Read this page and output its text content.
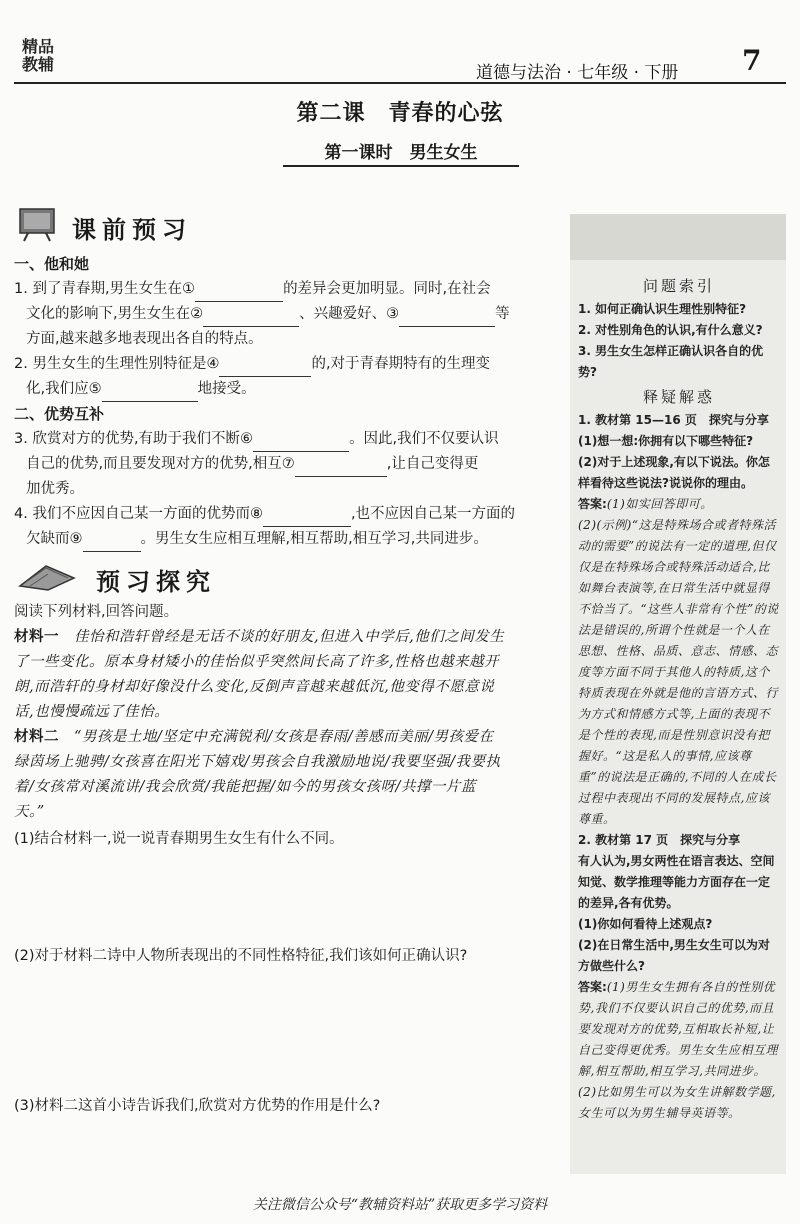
精品
教辅	道德与法治 · 七年级 · 下册 7
第二课　青春的心弦
第一课时　男生女生
课前预习

一、他和她

1. 到了青春期,男生女生在①	的差异会更加明显。同时,在社会

文化的影响下,男生女生在②	、兴趣爱好、③	等

方面,越来越多地表现出各自的特点。

2. 男生女生的生理性别特征是④	的,对于青春期特有的生理变

化,我们应⑤	地接受。

二、优势互补

3. 欣赏对方的优势,有助于我们不断⑥	。因此,我们不仅要认识

自己的优势,而且要发现对方的优势,相互⑦	,让自己变得更

加优秀。

4. 我们不应因自己某一方面的优势而⑧	,也不应因自己某一方面的

欠缺而⑨	。男生女生应相互理解,相互帮助,相互学习,共同进步。

预习探究

阅读下列材料,回答问题。

材料一　佳怡和浩轩曾经是无话不谈的好朋友,但进入中学后,他们之间发生

了一些变化。原本身材矮小的佳怡似乎突然间长高了许多,性格也越来越开

朗,而浩轩的身材却好像没什么变化,反倒声音越来越低沉,他变得不愿意说

话,也慢慢疏远了佳怡。

材料二　“男孩是土地/坚定中充满锐利/女孩是春雨/善感而美丽/男孩爱在

绿茵场上驰骋/女孩喜在阳光下嬉戏/男孩会自我激励地说/我要坚强/我要执

着/女孩常对溪流讲/我会欣赏/我能把握/如今的男孩女孩呀/共撑一片蓝

天。”

(1)结合材料一,说一说青春期男生女生有什么不同。

(2)对于材料二诗中人物所表现出的不同性格特征,我们该如何正确认识?
(3)材料二这首小诗告诉我们,欣赏对方优势的作用是什么?

问题索引

1. 如何正确认识生理性别特征?

2. 对性别角色的认识,有什么意义?

3. 男生女生怎样正确认识各自的优势?

释疑解惑

1. 教材第 15—16 页　探究与分享

(1)想一想:你拥有以下哪些特征?

(2)对于上述现象,有以下说法。你怎样看待这些说法?说说你的理由。

答案:(1)如实回答即可。

(2)(示例)“这是特殊场合或者特殊活动的需要”的说法有一定的道理,但仅仅是在特殊场合或特殊活动适合,比如舞台表演等,在日常生活中就显得不恰当了。“这些人非常有个性”的说法是错误的,所谓个性就是一个人在思想、性格、品质、意志、情感、态度等方面不同于其他人的特质,这个特质表现在外就是他的言语方式、行为方式和情感方式等,上面的表现不是个性的表现,而是性别意识没有把握好。“这是私人的事情,应该尊重”的说法是正确的,不同的人在成长过程中表现出不同的发展特点,应该尊重。

2. 教材第 17 页　探究与分享

有人认为,男女两性在语言表达、空间知觉、数学推理等能力方面存在一定的差异,各有优势。

(1)你如何看待上述观点?

(2)在日常生活中,男生女生可以为对方做些什么?

答案:(1)男生女生拥有各自的性别优势,我们不仅要认识自己的优势,而且要发现对方的优势,互相取长补短,让自己变得更优秀。男生女生应相互理解,相互帮助,相互学习,共同进步。

(2)比如男生可以为女生讲解数学题,女生可以为男生辅导英语等。

关注微信公众号“教辅资料站”获取更多学习资料
